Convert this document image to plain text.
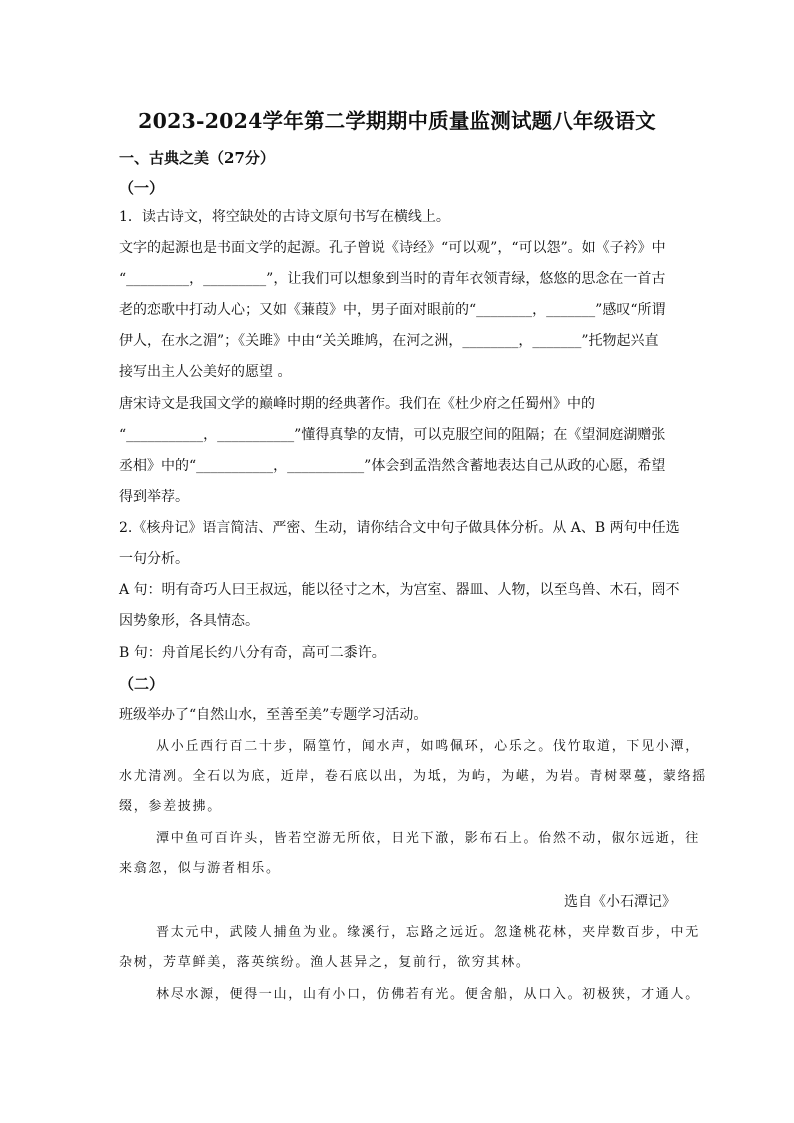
2023-2024学年第二学期期中质量监测试题八年级语文
一、古典之美（27分）
（一）
1．读古诗文，将空缺处的古诗文原句书写在横线上。
文字的起源也是书面文学的起源。孔子曾说《诗经》“可以观”，“可以怨”。如《子衿》中
“_________，_________”，让我们可以想象到当时的青年衣领青绿，悠悠的思念在一首古
老的恋歌中打动人心；又如《蒹葭》中，男子面对眼前的“________，_______”感叹“所谓
伊人，在水之湄”；《关雎》中由“关关雎鸠，在河之洲，________，_______”托物起兴直
接写出主人公美好的愿望 。
唐宋诗文是我国文学的巅峰时期的经典著作。我们在《杜少府之任蜀州》中的
“___________，___________”懂得真挚的友情，可以克服空间的阻隔；在《望洞庭湖赠张
丞相》中的“___________，___________”体会到孟浩然含蓄地表达自己从政的心愿，希望
得到举荐。
2.《核舟记》语言简洁、严密、生动，请你结合文中句子做具体分析。从 A、B 两句中任选
一句分析。
A 句：明有奇巧人曰王叔远，能以径寸之木，为宫室、器皿、人物，以至鸟兽、木石，罔不
因势象形，各具情态。
B 句：舟首尾长约八分有奇，高可二黍许。
（二）
班级举办了“自然山水，至善至美”专题学习活动。
从小丘西行百二十步，隔篁竹，闻水声，如鸣佩环，心乐之。伐竹取道，下见小潭，
水尤清冽。全石以为底，近岸，卷石底以出，为坻，为屿，为嵁，为岩。青树翠蔓，蒙络摇
缀，参差披拂。
潭中鱼可百许头，皆若空游无所依，日光下澈，影布石上。佁然不动，俶尔远逝，往
来翕忽，似与游者相乐。
选自《小石潭记》
晋太元中，武陵人捕鱼为业。缘溪行，忘路之远近。忽逢桃花林，夹岸数百步，中无
杂树，芳草鲜美，落英缤纷。渔人甚异之，复前行，欲穷其林。
林尽水源，便得一山，山有小口，仿佛若有光。便舍船，从口入。初极狭，才通人。
